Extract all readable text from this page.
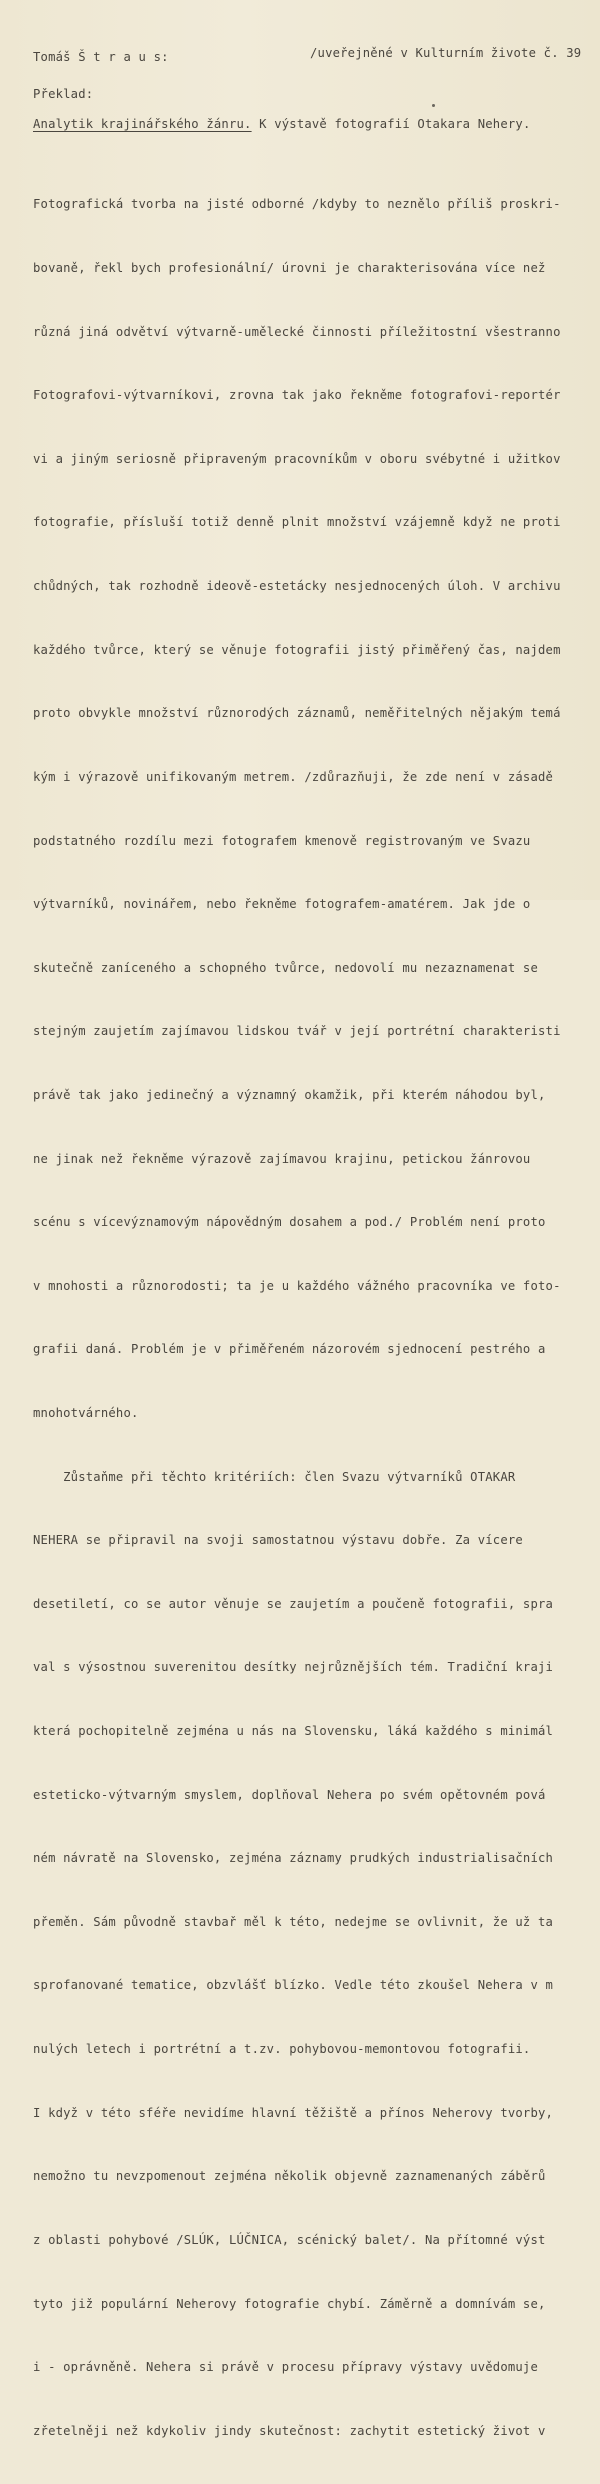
Tomáš Š t r a u s:	/uveřejněné v Kulturním živote č. 39
Překlad:
Analytik krajinářského žánru. K výstavě fotografií Otakara Nehery.

Fotografická tvorba na jisté odborné /kdyby to neznělo příliš proskri-

bovaně, řekl bych profesionální/ úrovni je charakterisována více než

různá jiná odvětví výtvarně-umělecké činnosti příležitostní všestranno

Fotografovi-výtvarníkovi, zrovna tak jako řekněme fotografovi-reportér

vi a jiným seriosně připraveným pracovníkům v oboru svébytné i užitkov

fotografie, přísluší totiž denně plnit množství vzájemně když ne proti

chůdných, tak rozhodně ideově-estetácky nesjednocených úloh. V archivu

každého tvůrce, který se věnuje fotografii jistý přiměřený čas, najdem

proto obvykle množství různorodých záznamů, neměřitelných nějakým temá

kým i výrazově unifikovaným metrem. /zdůrazňuji, že zde není v zásadě

podstatného rozdílu mezi fotografem kmenově registrovaným ve Svazu

výtvarníků, novinářem, nebo řekněme fotografem-amatérem. Jak jde o

skutečně zaníceného a schopného tvůrce, nedovolí mu nezaznamenat se

stejným zaujetím zajímavou lidskou tvář v její portrétní charakteristi

právě tak jako jedinečný a významný okamžik, při kterém náhodou byl,

ne jinak než řekněme výrazově zajímavou krajinu, petickou žánrovou

scénu s vícevýznamovým nápovědným dosahem a pod./ Problém není proto

v mnohosti a různorodosti; ta je u každého vážného pracovníka ve foto-

grafii daná. Problém je v přiměřeném názorovém sjednocení pestrého a

mnohotvárného.

Zůstaňme při těchto kritériích: člen Svazu výtvarníků OTAKAR

NEHERA se připravil na svoji samostatnou výstavu dobře. Za vícere

desetiletí, co se autor věnuje se zaujetím a poučeně fotografii, spra

val s výsostnou suverenitou desítky nejrůznějších tém. Tradiční kraji

která pochopitelně zejména u nás na Slovensku, láká každého s minimál

esteticko-výtvarným smyslem, doplňoval Nehera po svém opětovném pová

ném návratě na Slovensko, zejména záznamy prudkých industrialisačních

přeměn. Sám původně stavbař měl k této, nedejme se ovlivnit, že už ta

sprofanované tematice, obzvlášť blízko. Vedle této zkoušel Nehera v m

nulých letech i portrétní a t.zv. pohybovou-memontovou fotografii.

I když v této sféře nevidíme hlavní těžiště a přínos Neherovy tvorby,

nemožno tu nevzpomenout zejména několik objevně zaznamenaných záběrů

z oblasti pohybové /SLÚK, LÚČNICA, scénický balet/. Na přítomné výst

tyto již populární Neherovy fotografie chybí. Záměrně a domnívám se,

i - oprávněně. Nehera si právě v procesu přípravy výstavy uvědomuje

zřetelněji než kdykoliv jindy skutečnost: zachytit estetický život v
